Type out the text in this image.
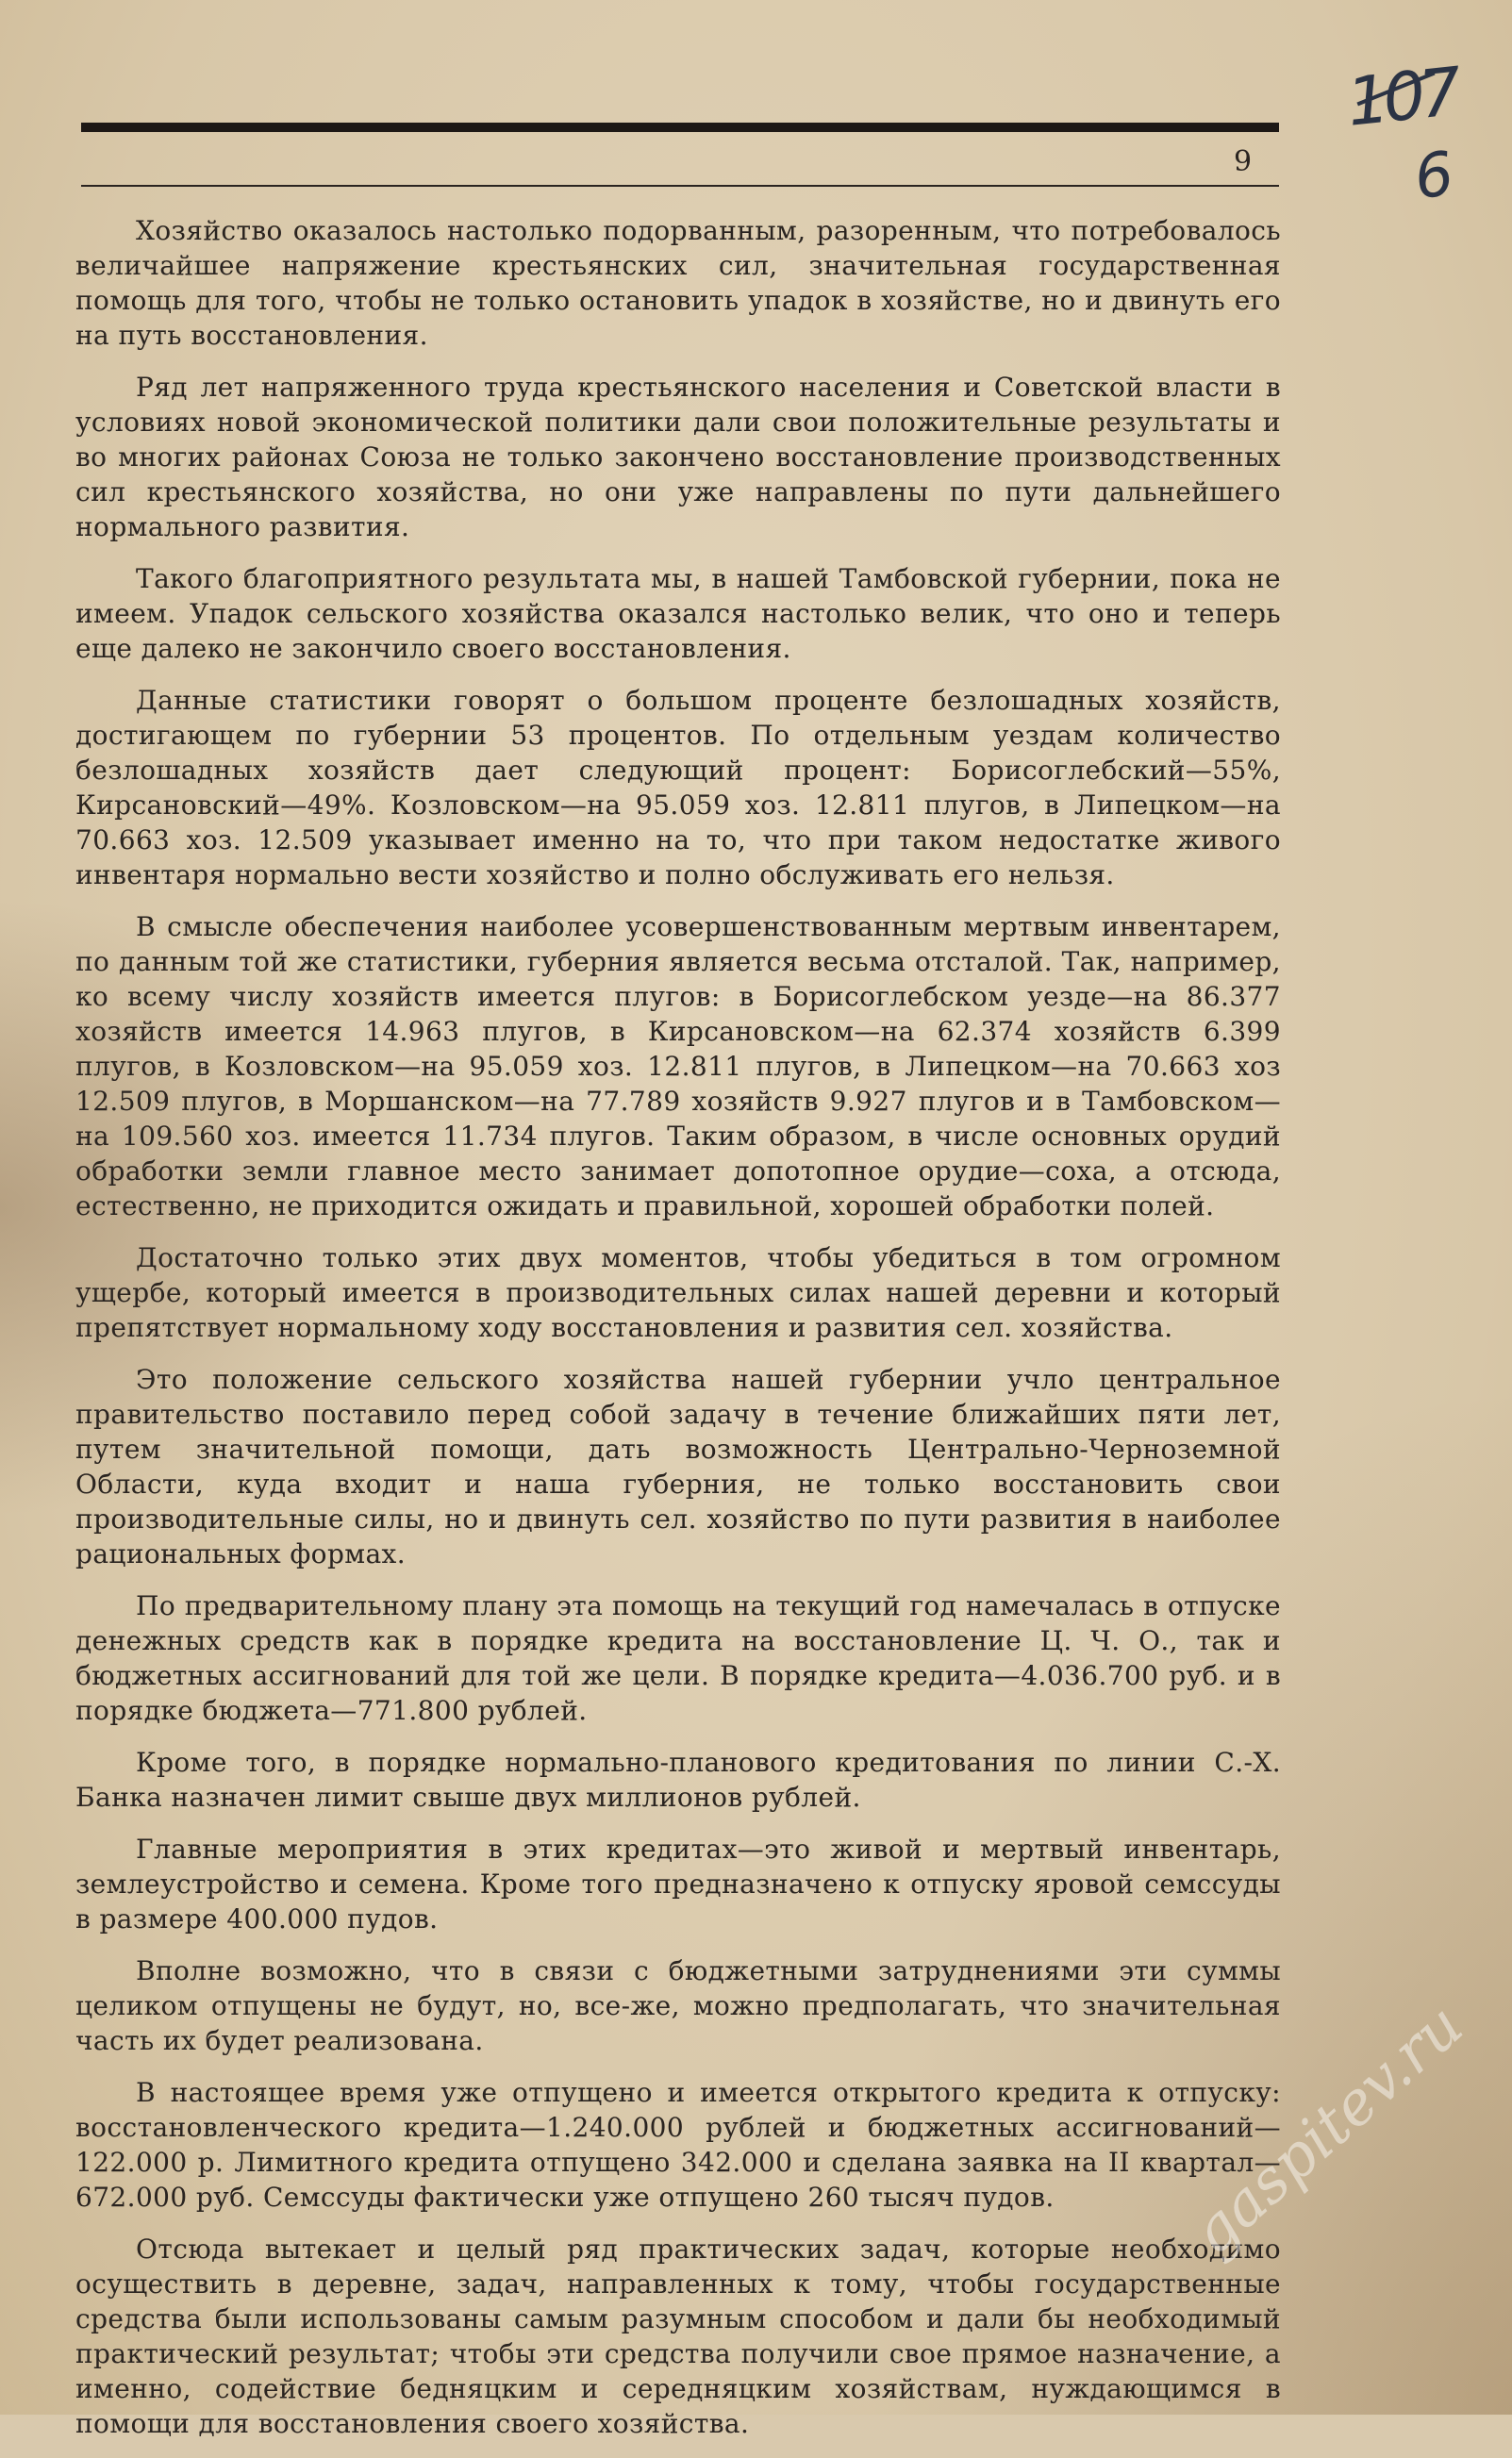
9
107
6

Хозяйство оказалось настолько подорванным, разоренным, что потребовалось величайшее напряжение крестьянских сил, значительная государственная помощь для того, чтобы не только остановить упадок в хозяйстве, но и двинуть его на путь восстановления.

Ряд лет напряженного труда крестьянского населения и Советской власти в условиях новой экономической политики дали свои положительные результаты и во многих районах Союза не только закончено восстановление производственных сил крестьянского хозяйства, но они уже направлены по пути дальнейшего нормального развития.

Такого благоприятного результата мы, в нашей Тамбовской губернии, пока не имеем. Упадок сельского хозяйства оказался настолько велик, что оно и теперь еще далеко не закончило своего восстановления.

Данные статистики говорят о большом проценте безлошадных хозяйств, достигающем по губернии 53 процентов. По отдельным уездам количество безлошадных хозяйств дает следующий процент: Борисоглебский—55%, Кирсановский—49%. Козловском—на 95.059 хоз. 12.811 плугов, в Липецком—на 70.663 хоз. 12.509 указывает именно на то, что при таком недостатке живого инвентаря нормально вести хозяйство и полно обслуживать его нельзя.

В смысле обеспечения наиболее усовершенствованным мертвым инвентарем, по данным той же статистики, губерния является весьма отсталой. Так, например, ко всему числу хозяйств имеется плугов: в Борисоглебском уезде—на 86.377 хозяйств имеется 14.963 плугов, в Кирсановском—на 62.374 хозяйств 6.399 плугов, в Козловском—на 95.059 хоз. 12.811 плугов, в Липецком—на 70.663 хоз 12.509 плугов, в Моршанском—на 77.789 хозяйств 9.927 плугов и в Тамбовском—на 109.560 хоз. имеется 11.734 плугов. Таким образом, в числе основных орудий обработки земли главное место занимает допотопное орудие—соха, а отсюда, естественно, не приходится ожидать и правильной, хорошей обработки полей.

Достаточно только этих двух моментов, чтобы убедиться в том огромном ущербе, который имеется в производительных силах нашей деревни и который препятствует нормальному ходу восстановления и развития сел. хозяйства.

Это положение сельского хозяйства нашей губернии учло центральное правительство поставило перед собой задачу в течение ближайших пяти лет, путем значительной помощи, дать возможность Центрально-Черноземной Области, куда входит и наша губерния, не только восстановить свои производительные силы, но и двинуть сел. хозяйство по пути развития в наиболее рациональных формах.

По предварительному плану эта помощь на текущий год намечалась в отпуске денежных средств как в порядке кредита на восстановление Ц. Ч. О., так и бюджетных ассигнований для той же цели. В порядке кредита—4.036.700 руб. и в порядке бюджета—771.800 рублей.

Кроме того, в порядке нормально-планового кредитования по линии С.-Х. Банка назначен лимит свыше двух миллионов рублей.

Главные мероприятия в этих кредитах—это живой и мертвый инвентарь, землеустройство и семена. Кроме того предназначено к отпуску яровой семссуды в размере 400.000 пудов.

Вполне возможно, что в связи с бюджетными затруднениями эти суммы целиком отпущены не будут, но, все-же, можно предполагать, что значительная часть их будет реализована.

В настоящее время уже отпущено и имеется открытого кредита к отпуску: восстановленческого кредита—1.240.000 рублей и бюджетных ассигнований—122.000 р. Лимитного кредита отпущено 342.000 и сделана заявка на II квартал—672.000 руб. Семссуды фактически уже отпущено 260 тысяч пудов.

Отсюда вытекает и целый ряд практических задач, которые необходимо осуществить в деревне, задач, направленных к тому, чтобы государственные средства были использованы самым разумным способом и дали бы необходимый практический результат; чтобы эти средства получили свое прямое назначение, а именно, содействие бедняцким и середняцким хозяйствам, нуждающимся в помощи для восстановления своего хозяйства.

gaspitev.ru
